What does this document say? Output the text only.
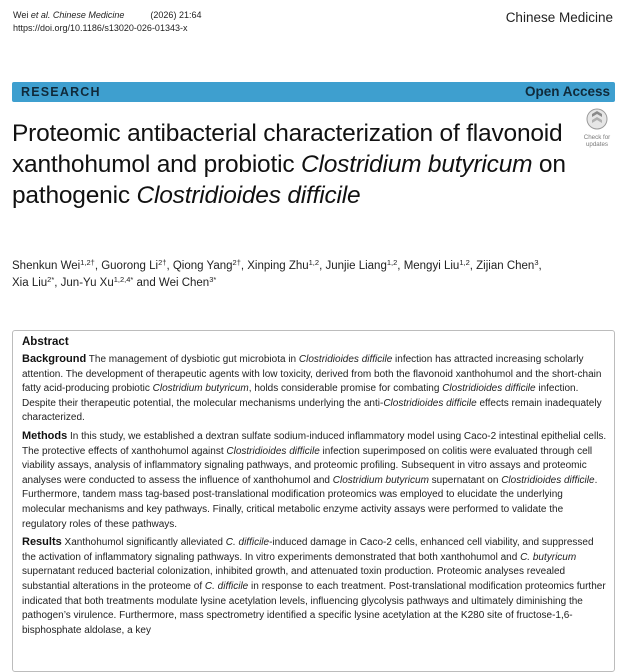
Wei et al. Chinese Medicine	(2026) 21:64
https://doi.org/10.1186/s13020-026-01343-x
Chinese Medicine
RESEARCH	Open Access
Check for
updates
Proteomic antibacterial characterization of flavonoid xanthohumol and probiotic Clostridium butyricum on pathogenic Clostridioides difficile
Shenkun Wei$^{1,2\dagger}$, Guorong $Li^{2\dagger}$, Qiong Yang$^{2\dagger}$, Xinping Zhu$^{1,2}$, Junjie Liang$^{1,2}$, Mengyi Liu$^{1,2}$, Zijian Chen$^3$,
Xia Liu$^{2*}$, Jun-Yu $Xu^{1,2,4*}$ and Wei Chen$^{3*}$
Abstract

Background The management of dysbiotic gut microbiota in Clostridioides difficile infection has attracted increasing scholarly attention. The development of therapeutic agents with low toxicity, derived from both the flavonoid xanthohumol and the short-chain fatty acid-producing probiotic Clostridium butyricum, holds considerable promise for combating Clostridioides difficile infection. Despite their therapeutic potential, the molecular mechanisms underlying the anti-Clostridioides difficile effects remain inadequately characterized.

Methods In this study, we established a dextran sulfate sodium-induced inflammatory model using Caco-2 intestinal epithelial cells. The protective effects of xanthohumol against Clostridioides difficile infection superimposed on colitis were evaluated through cell viability assays, analysis of inflammatory signaling pathways, and proteomic profiling. Subsequent in vitro assays and proteomic analyses were conducted to assess the influence of xanthohumol and Clostridium butyricum supernatant on Clostridioides difficile. Furthermore, tandem mass tag-based post-translational modification proteomics was employed to elucidate the underlying molecular mechanisms and key pathways. Finally, critical metabolic enzyme activity assays were performed to validate the regulatory roles of these pathways.

Results Xanthohumol significantly alleviated C. difficile-induced damage in Caco-2 cells, enhanced cell viability, and suppressed the activation of inflammatory signaling pathways. In vitro experiments demonstrated that both xanthohumol and C. butyricum supernatant reduced bacterial colonization, inhibited growth, and attenuated toxin production. Proteomic analyses revealed substantial alterations in the proteome of C. difficile in response to each treatment. Post-translational modification proteomics further indicated that both treatments modulate lysine acetylation levels, influencing glycolysis pathways and ultimately diminishing the pathogen’s virulence. Furthermore, mass spectrometry identified a specific lysine acetylation at the K280 site of fructose-1,6-bisphosphate aldolase, a key
